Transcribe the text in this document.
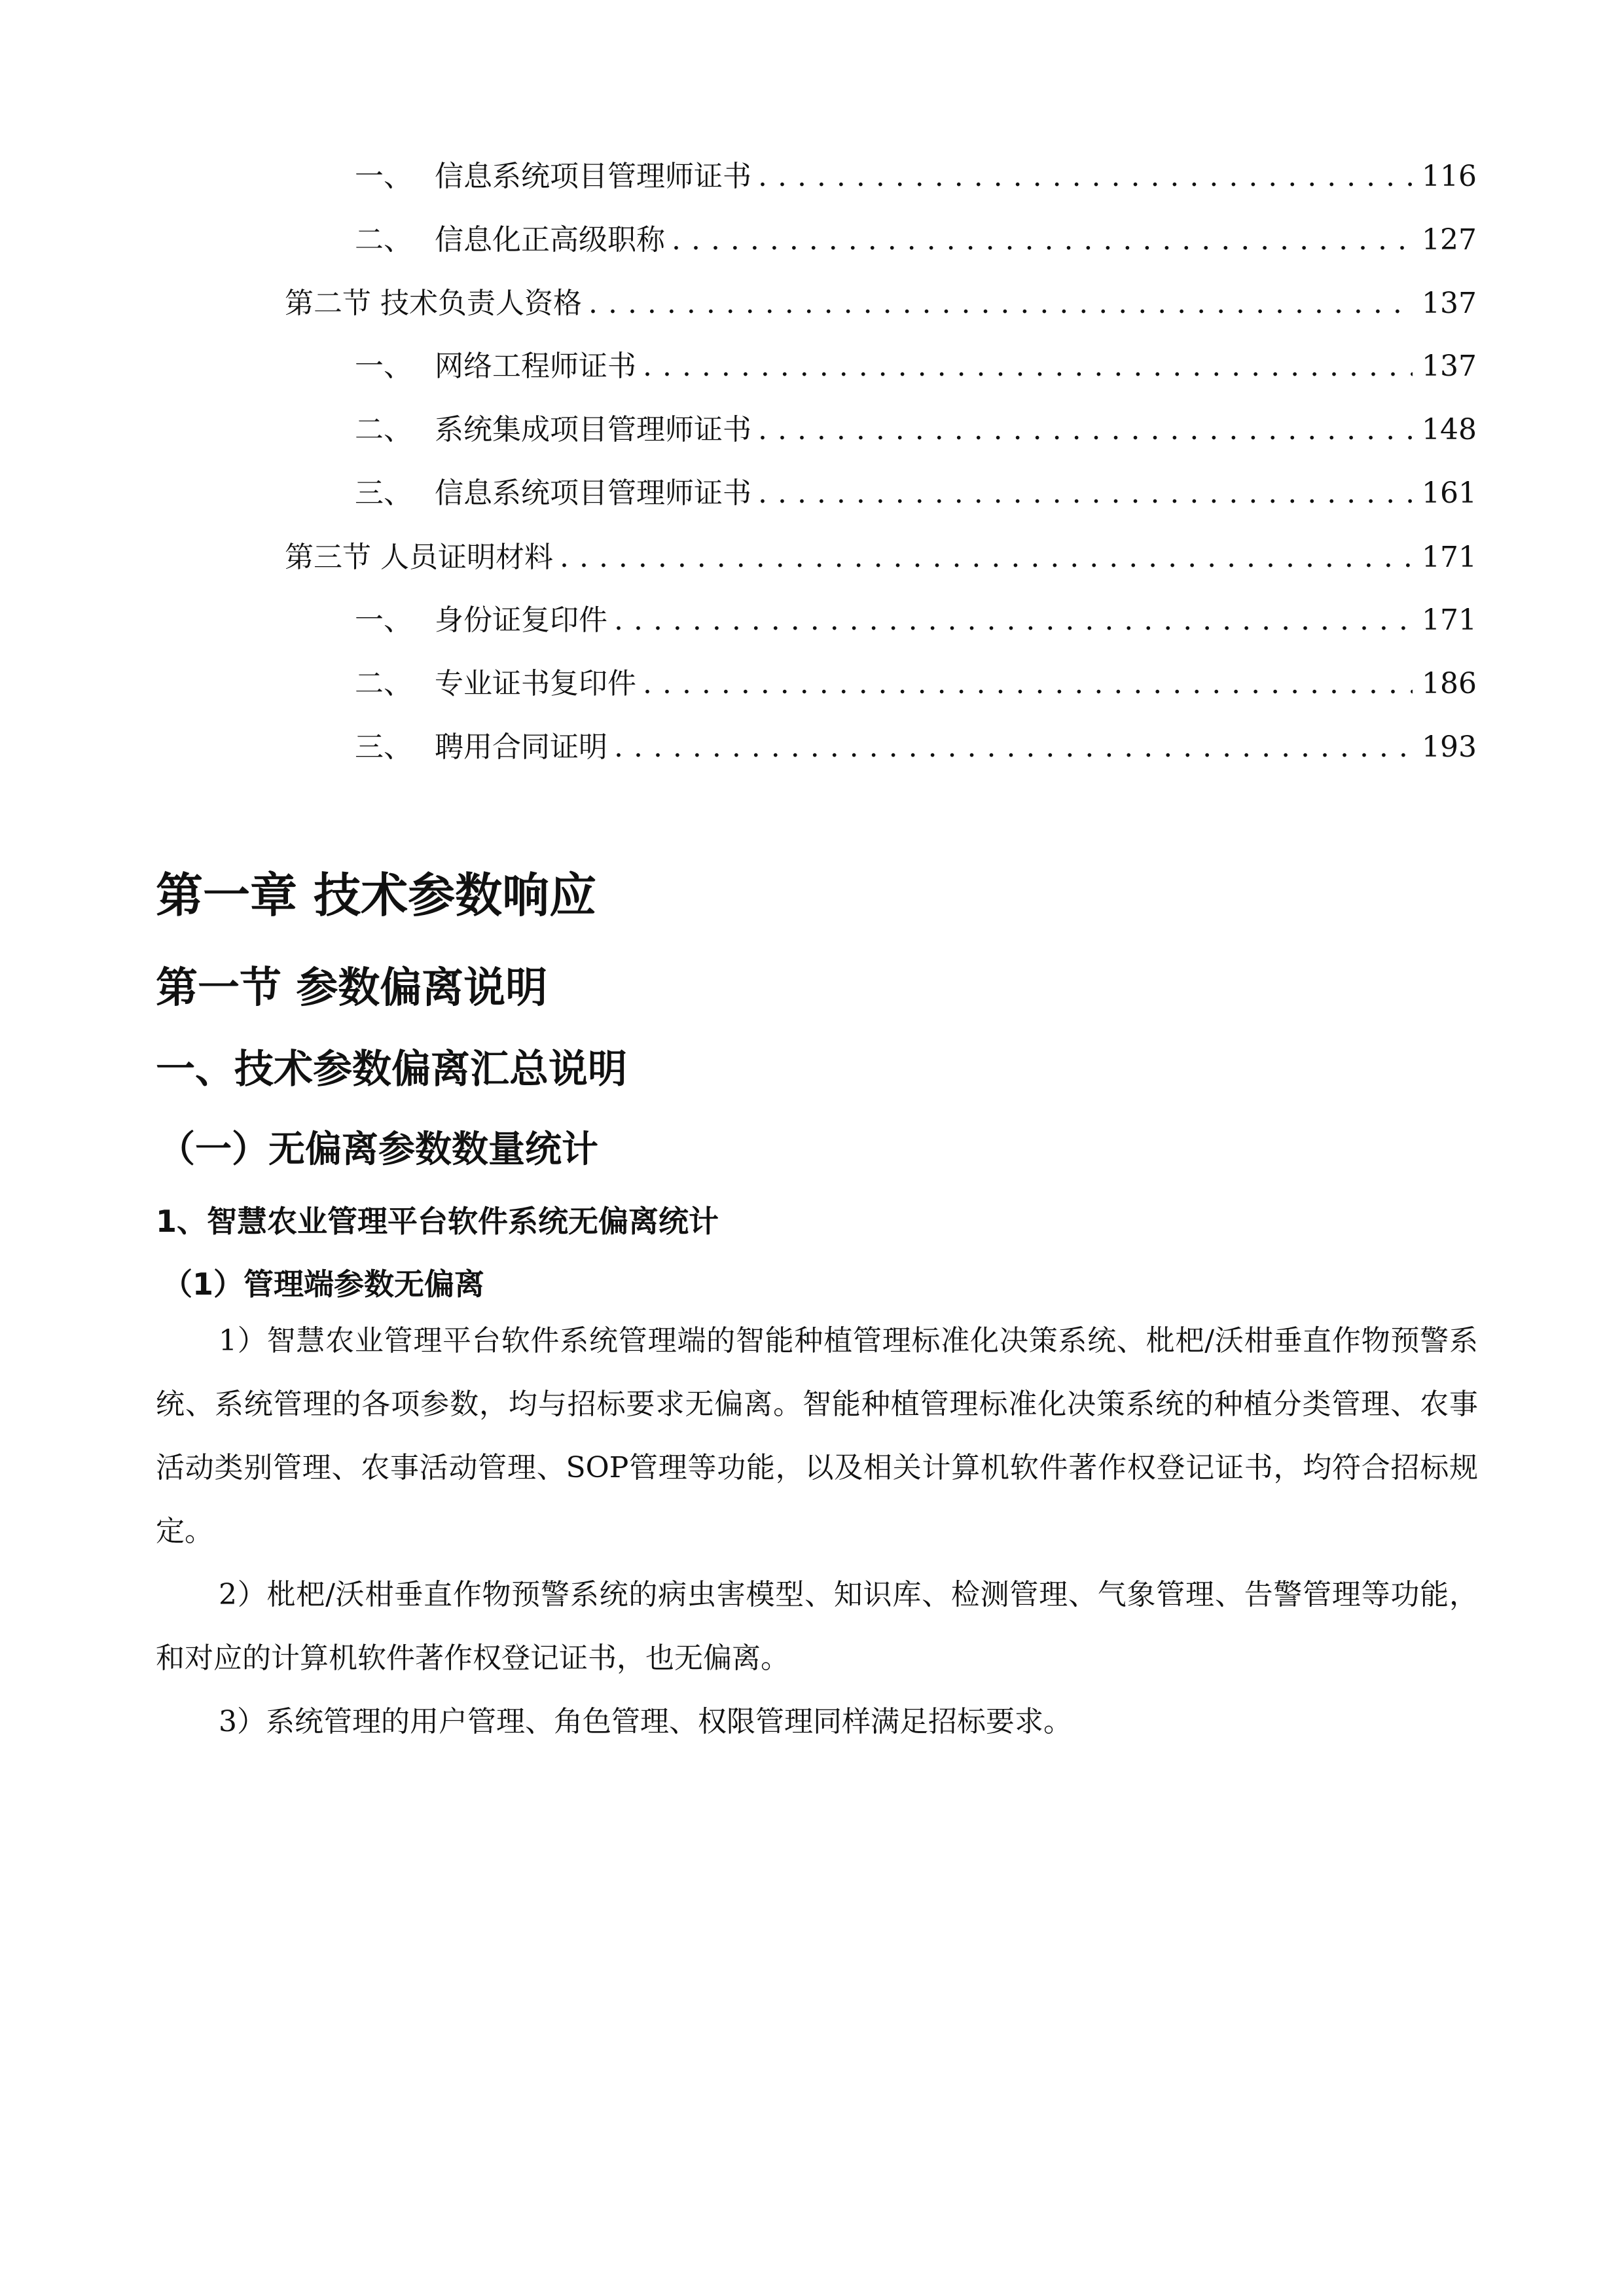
一、 信息系统项目管理师证书 . . .	116
二、 信息化正高级职称 . . .	127
第二节 技术负责人资格 . . .	137
一、 网络工程师证书 . . .	137
二、 系统集成项目管理师证书 . . .	148
三、 信息系统项目管理师证书 . . .	161
第三节 人员证明材料 . . .	171
一、 身份证复印件 . . .	171
二、 专业证书复印件 . . .	186
三、 聘用合同证明 . . .	193
第一章 技术参数响应
第一节 参数偏离说明
一、技术参数偏离汇总说明
（一）无偏离参数数量统计
1、智慧农业管理平台软件系统无偏离统计
（1）管理端参数无偏离

1）智慧农业管理平台软件系统管理端的智能种植管理标准化决策系统、枇杷/沃柑垂直作物预警系统、系统管理的各项参数，均与招标要求无偏离。智能种植管理标准化决策系统的种植分类管理、农事活动类别管理、农事活动管理、SOP管理等功能，以及相关计算机软件著作权登记证书，均符合招标规定。

2）枇杷/沃柑垂直作物预警系统的病虫害模型、知识库、检测管理、气象管理、告警管理等功能，和对应的计算机软件著作权登记证书，也无偏离。

3）系统管理的用户管理、角色管理、权限管理同样满足招标要求。
